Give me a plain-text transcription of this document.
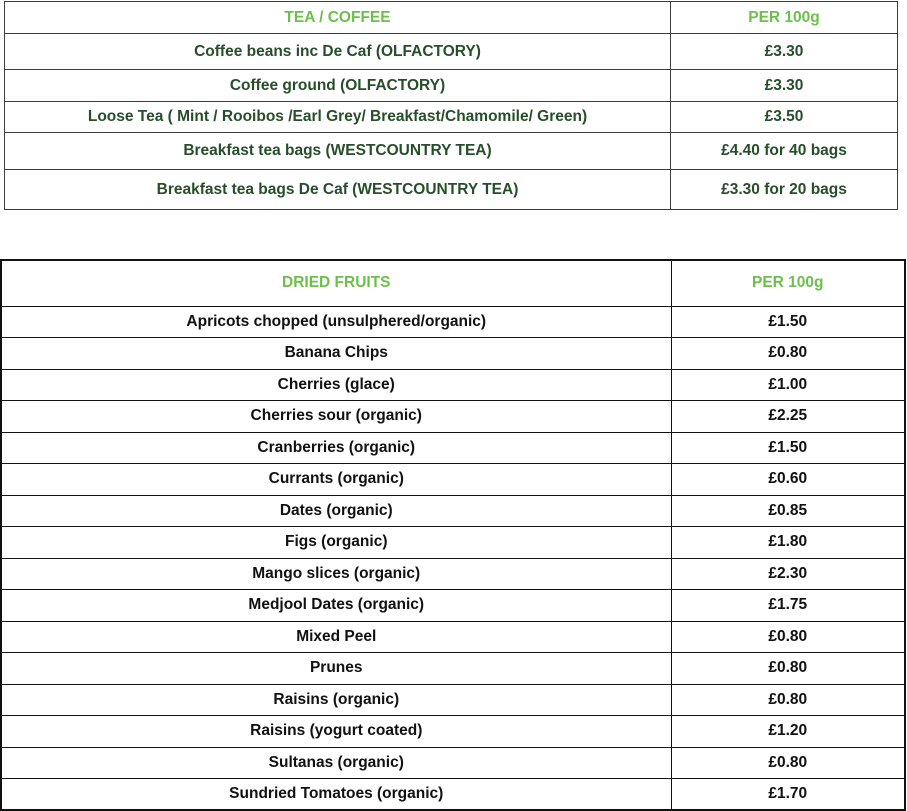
TEA / COFFEE	PER 100g
Coffee beans inc De Caf (OLFACTORY)	£3.30
Coffee ground (OLFACTORY)	£3.30
Loose Tea ( Mint / Rooibos /Earl Grey/ Breakfast/Chamomile/ Green)	£3.50
Breakfast tea bags (WESTCOUNTRY TEA)	£4.40 for 40 bags
Breakfast tea bags De Caf (WESTCOUNTRY TEA)	£3.30 for 20 bags
DRIED FRUITS	PER 100g
Apricots chopped (unsulphered/organic)	£1.50
Banana Chips	£0.80
Cherries (glace)	£1.00
Cherries sour (organic)	£2.25
Cranberries (organic)	£1.50
Currants (organic)	£0.60
Dates (organic)	£0.85
Figs (organic)	£1.80
Mango slices (organic)	£2.30
Medjool Dates (organic)	£1.75
Mixed Peel	£0.80
Prunes	£0.80
Raisins (organic)	£0.80
Raisins (yogurt coated)	£1.20
Sultanas (organic)	£0.80
Sundried Tomatoes (organic)	£1.70
